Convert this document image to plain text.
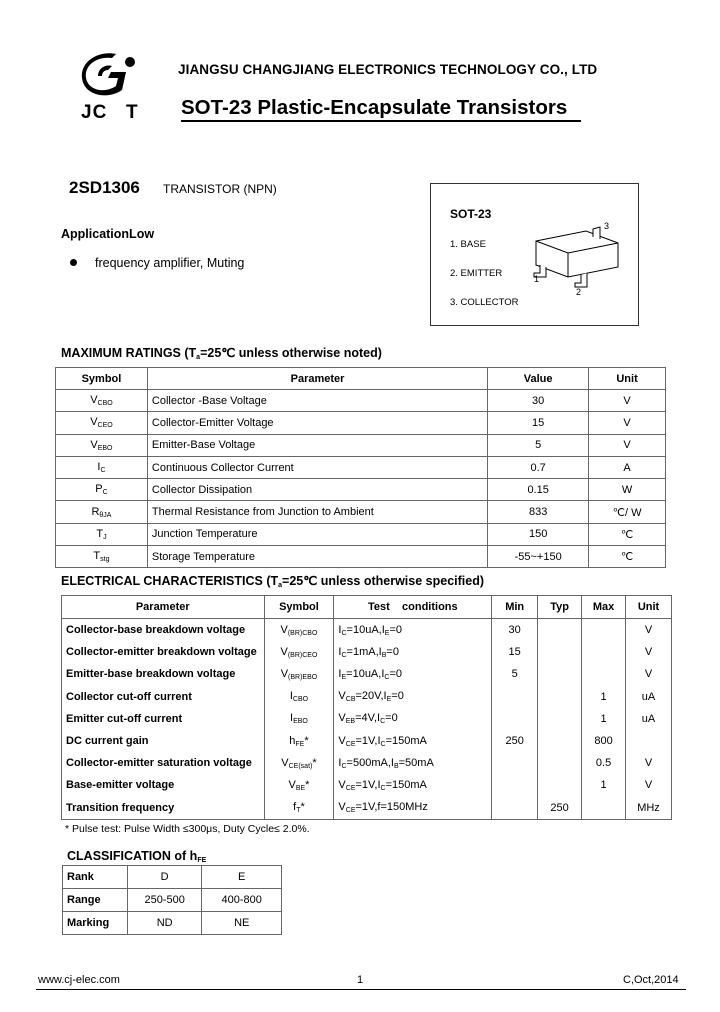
JC T
JIANGSU CHANGJIANG ELECTRONICS TECHNOLOGY CO., LTD
SOT-23 Plastic-Encapsulate Transistors
2SD1306 TRANSISTOR (NPN)
ApplicationLow
frequency amplifier, Muting
SOT-23
1. BASE
2. EMITTER
3. COLLECTOR
3
1
2
MAXIMUM RATINGS ($T_a=25℃$ unless otherwise noted)
Symbol	Parameter	Value	Unit
$V_{CBO}$	Collector -Base Voltage	30	V
$V_{CEO}$	Collector-Emitter Voltage	15	V
$V_{EBO}$	Emitter-Base Voltage	5	V
$I_C$	Continuous Collector Current	0.7	A
$P_C$	Collector Dissipation	0.15	W
$R_{\theta JA}$	Thermal Resistance from Junction to Ambient	833	℃/ W
$T_J$	Junction Temperature	150	℃
$T_{stg}$	Storage Temperature	-55~+150	℃
ELECTRICAL CHARACTERISTICS ($T_a=25℃$ unless otherwise specified)
Parameter	Symbol	Test    conditions	Min	Typ	Max	Unit
Collector-base breakdown voltage	$V_{(BR)CBO}$	$I_C=10uA,I_E=0$	30			V
Collector-emitter breakdown voltage	$V_{(BR)CEO}$	$I_C=1mA,I_B=0$	15			V
Emitter-base breakdown voltage	$V_{(BR)EBO}$	$I_E=10uA,I_C=0$	5			V
Collector cut-off current	$I_{CBO}$	$V_{CB}=20V,I_E=0$			1	uA
Emitter cut-off current	$I_{EBO}$	$V_{EB}=4V,I_C=0$			1	uA
DC current gain	$h_{FE}*$	$V_{CE}=1V,I_C=150mA$	250		800	
Collector-emitter saturation voltage	$V_{CE(sat)}*$	$I_C=500mA,I_B=50mA$			0.5	V
Base-emitter voltage	$V_{BE}*$	$V_{CE}=1V,I_C=150mA$			1	V
Transition frequency	$f_T*$	$V_{CE}=1V,f=150MHz$		250		MHz
* Pulse test: Pulse Width ≤300μs, Duty Cycle≤ 2.0%.
CLASSIFICATION of $h_{FE}$
Rank	D	E
Range	250-500	400-800
Marking	ND	NE
www.cj-elec.com	1	C,Oct,2014
